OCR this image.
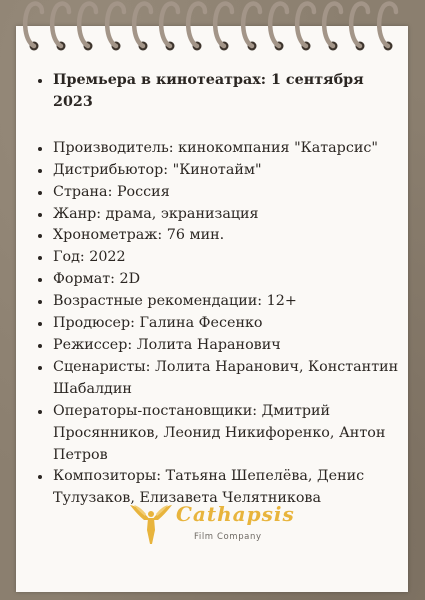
Премьера в кинотеатрах: 1 сентября 2023
Производитель: кинокомпания "Катарсис"
Дистрибьютор: "Кинотайм"
Страна: Россия
Жанр: драма, экранизация
Хронометраж: 76 мин.
Год: 2022
Формат: 2D
Возрастные рекомендации: 12+
Продюсер: Галина Фесенко
Режиссер: Лолита Наранович
Сценаристы: Лолита Наранович, Константин Шабалдин
Операторы-постановщики: Дмитрий Просянников, Леонид Никифоренко, Антон Петров
Композиторы: Татьяна Шепелёва, Денис Тулузаков, Елизавета Челятникова
Cathapsis
Film Company
